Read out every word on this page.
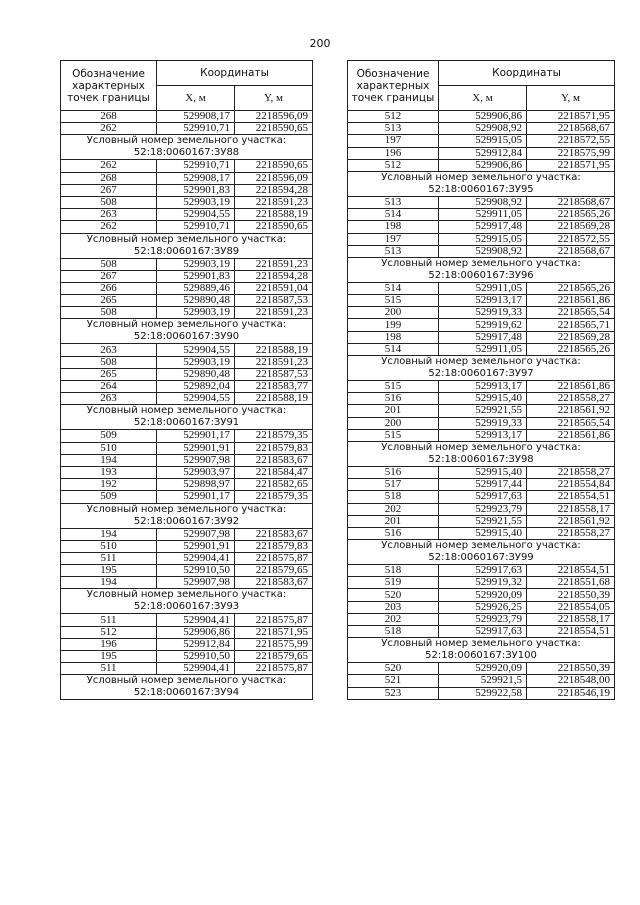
200
Обозначение
характерных
точек границы	Координаты	
	X, м	Y, м
268	529908,17	2218596,09
262	529910,71	2218590,65

Условный номер земельного участка:
52:18:0060167:ЗУ88		

262	529910,71	2218590,65
268	529908,17	2218596,09
267	529901,83	2218594,28
508	529903,19	2218591,23
263	529904,55	2218588,19
262	529910,71	2218590,65

Условный номер земельного участка:
52:18:0060167:ЗУ89		

508	529903,19	2218591,23
267	529901,83	2218594,28
266	529889,46	2218591,04
265	529890,48	2218587,53
508	529903,19	2218591,23

Условный номер земельного участка:
52:18:0060167:ЗУ90		

263	529904,55	2218588,19
508	529903,19	2218591,23
265	529890,48	2218587,53
264	529892,04	2218583,77
263	529904,55	2218588,19

Условный номер земельного участка:
52:18:0060167:ЗУ91		

509	529901,17	2218579,35
510	529901,91	2218579,83
194	529907,98	2218583,67
193	529903,97	2218584,47
192	529898,97	2218582,65
509	529901,17	2218579,35

Условный номер земельного участка:
52:18:0060167:ЗУ92		

194	529907,98	2218583,67
510	529901,91	2218579,83
511	529904,41	2218575,87
195	529910,50	2218579,65
194	529907,98	2218583,67

Условный номер земельного участка:
52:18:0060167:ЗУ93		

511	529904,41	2218575,87
512	529906,86	2218571,95
196	529912,84	2218575,99
195	529910,50	2218579,65
511	529904,41	2218575,87

Условный номер земельного участка:
52:18:0060167:ЗУ94		
Обозначение
характерных
точек границы	Координаты	
	X, м	Y, м
512	529906,86	2218571,95
513	529908,92	2218568,67
197	529915,05	2218572,55
196	529912,84	2218575,99
512	529906,86	2218571,95

Условный номер земельного участка:
52:18:0060167:ЗУ95		

513	529908,92	2218568,67
514	529911,05	2218565,26
198	529917,48	2218569,28
197	529915,05	2218572,55
513	529908,92	2218568,67

Условный номер земельного участка:
52:18:0060167:ЗУ96		

514	529911,05	2218565,26
515	529913,17	2218561,86
200	529919,33	2218565,54
199	529919,62	2218565,71
198	529917,48	2218569,28
514	529911,05	2218565,26

Условный номер земельного участка:
52:18:0060167:ЗУ97		

515	529913,17	2218561,86
516	529915,40	2218558,27
201	529921,55	2218561,92
200	529919,33	2218565,54
515	529913,17	2218561,86

Условный номер земельного участка:
52:18:0060167:ЗУ98		

516	529915,40	2218558,27
517	529917,44	2218554,84
518	529917,63	2218554,51
202	529923,79	2218558,17
201	529921,55	2218561,92
516	529915,40	2218558,27

Условный номер земельного участка:
52:18:0060167:ЗУ99		

518	529917,63	2218554,51
519	529919,32	2218551,68
520	529920,09	2218550,39
203	529926,25	2218554,05
202	529923,79	2218558,17
518	529917,63	2218554,51

Условный номер земельного участка:
52:18:0060167:ЗУ100		

520	529920,09	2218550,39
521	529921,5	2218548,00
523	529922,58	2218546,19
